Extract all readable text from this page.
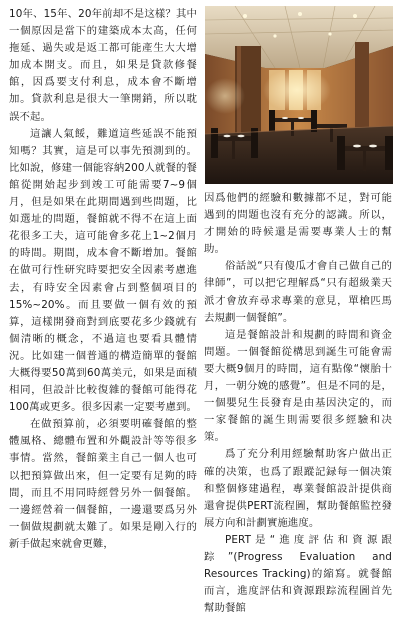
10年、15年、20年前却不是这樣？其中一個原因是當下的建築成本太高，任何拖延、過失或是返工都可能產生大大增加成本開支。而且，如果是貸款修餐館，因爲要支付利息，成本會不斷增加。貸款利息是很大一筆開銷，所以耽誤不起。

這讓人氣餒，難道這些延誤不能預知嗎？其實，這是可以事先預測到的。比如說，修建一個能容納200人就餐的餐館從開始起步到竣工可能需要7~9個月，但是如果在此期間遇到些問題，比如選址的問題，餐館就不得不在這上面花很多工夫，這可能會多花上1~2個月的時間。期間，成本會不斷增加。餐館在做可行性研究時要把安全因素考慮進去，有時安全因素會占到整個項目的15%~20%。而且要做一個有效的預算，這樣開發商對到底要花多少錢就有個清晰的概念，不過這也要看具體情況。比如建一個普通的構造簡單的餐館大概得要50萬到60萬美元，如果是面積相同，但設計比較復雜的餐館可能得花100萬或更多。很多因素一定要考慮到。

在做預算前，必須要明確餐館的整體風格、總體布置和外觀設計等等很多事情。當然，餐館業主自己一個人也可以把預算做出來，但一定要有足夠的時間，而且不用同時經營另外一個餐館。一邊經營着一個餐館，一邊還要爲另外一個做規劃就太難了。如果是剛入行的新手做起來就會更難，

因爲他們的經驗和數據都不足，對可能遇到的問題也沒有充分的認識。所以，才開始的時候還是需要專業人士的幫助。

俗話説“只有傻瓜才會自己做自己的律師”，可以把它理解爲“只有超級業天派才會放弃尋求專業的意見，單槍匹馬去規劃一個餐館”。

這是餐館設計和規劃的時間和資金問題。一個餐館從構思到誕生可能會需要大概9個月的時間，這有點像“懷胎十月，一朝分娩的感覺”。但是不同的是，一個嬰兒生長發育是由基因決定的，而一家餐館的誕生則需要很多經驗和决策。

爲了充分利用經驗幫助客户做出正確的决策，也爲了跟蹤記録每一個决策和整個修建過程，專業餐館設計提供商還會提供PERT流程圖，幫助餐館監控發展方向和計劃實施進度。

PERT是“進度評估和資源跟踪”(Progress Evaluation and Resources Tracking)的縮寫。就餐館而言，進度評估和資源跟踪流程圖首先幫助餐館
